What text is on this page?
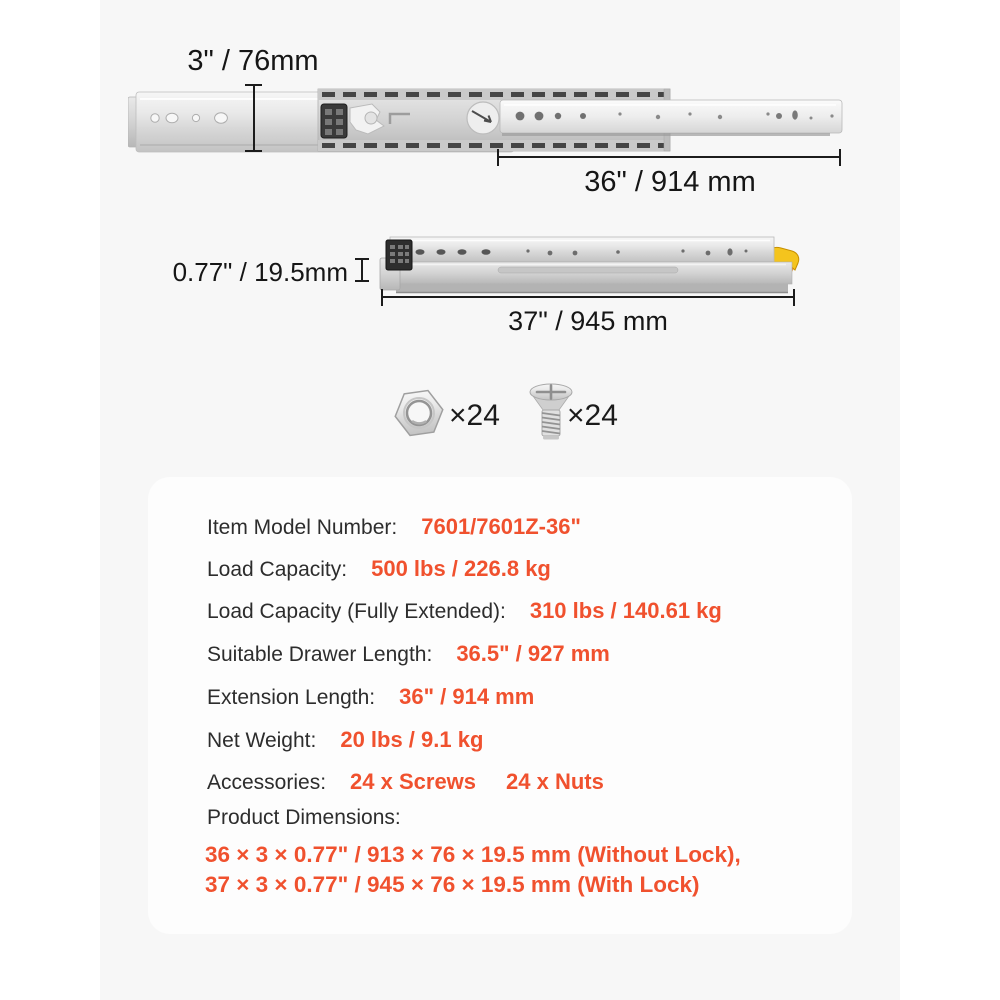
3" / 76mm
36" / 914 mm
0.77" / 19.5mm
37" / 945 mm
×24 ×24
Item Model Number: 7601/7601Z-36"
Load Capacity: 500 lbs / 226.8 kg
Load Capacity (Fully Extended): 310 lbs / 140.61 kg
Suitable Drawer Length: 36.5" / 927 mm
Extension Length: 36" / 914 mm
Net Weight: 20 lbs / 9.1 kg
Accessories: 24 x Screws 24 x Nuts
Product Dimensions:
36 × 3 × 0.77" / 913 × 76 × 19.5 mm (Without Lock),
37 × 3 × 0.77" / 945 × 76 × 19.5 mm (With Lock)
